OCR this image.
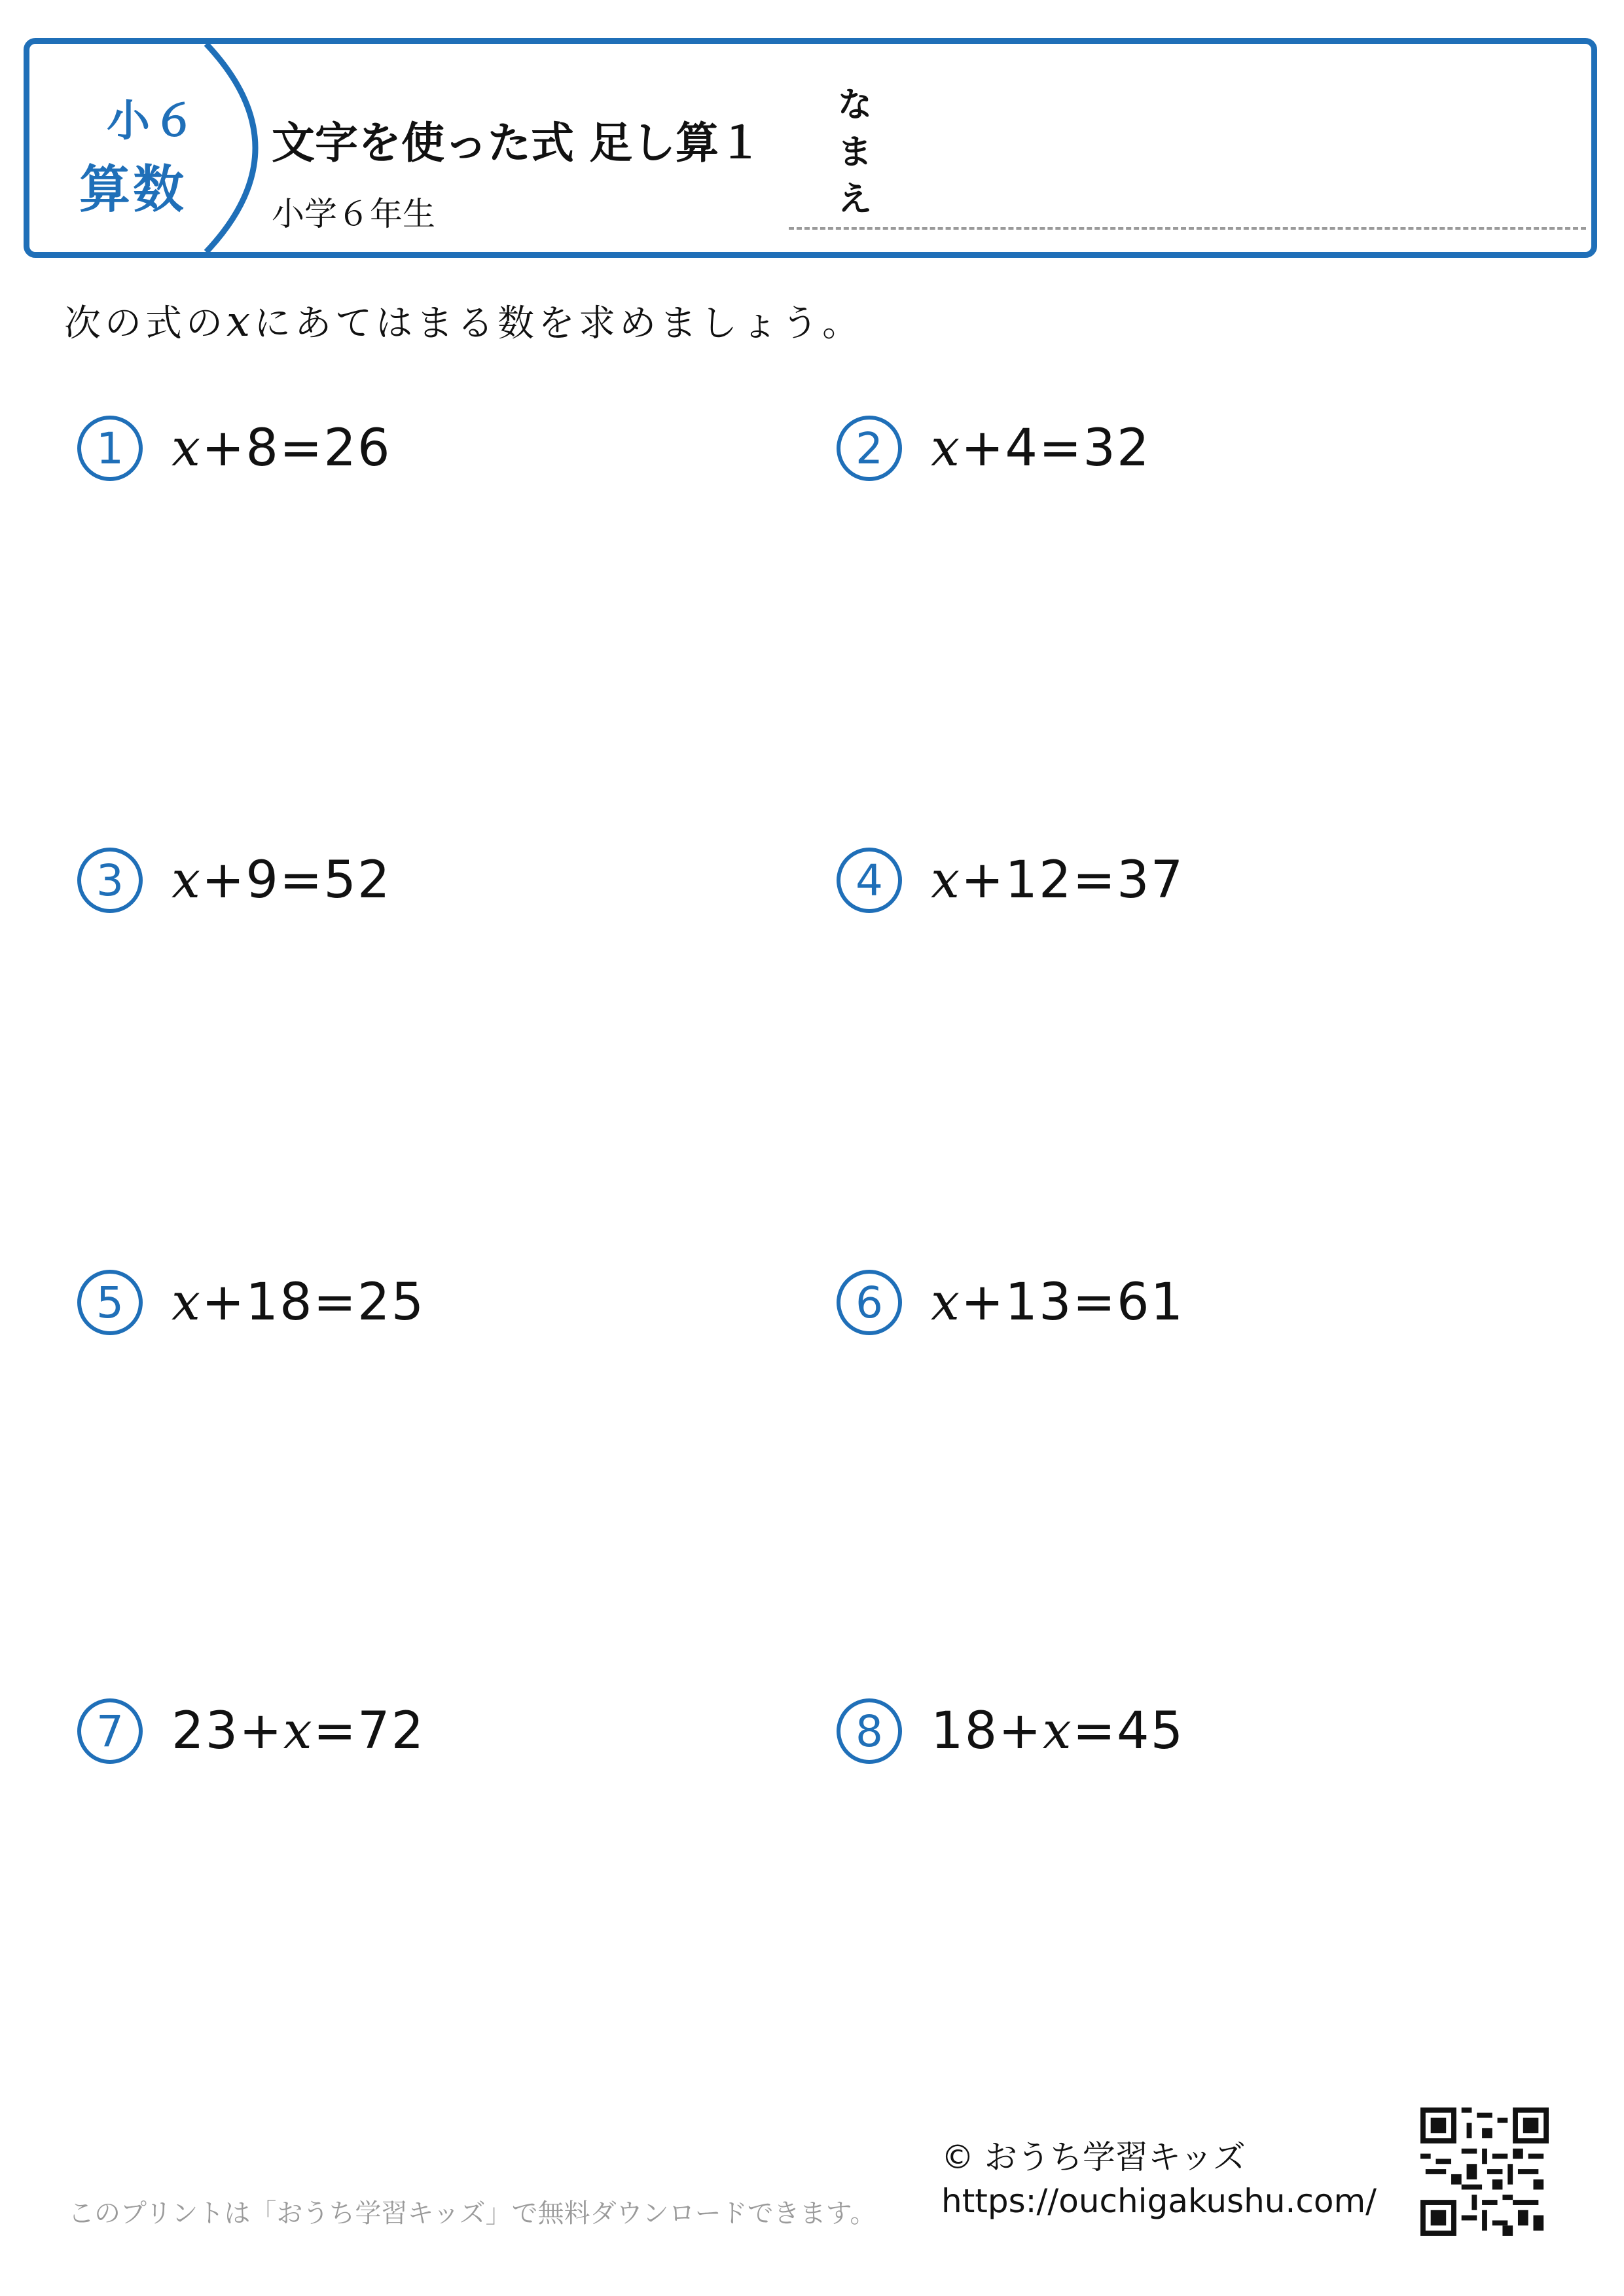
小６
算数
文字を使った式 足し算１
小学６年生
な
ま
え
次の式のxにあてはまる数を求めましょう。
1 x+8=26	2 x+4=32
3 x+9=52	4 x+12=37
5 x+18=25	6 x+13=61
7 23+x=72	8 18+x=45
このプリントは「おうち学習キッズ」で無料ダウンロードできます。
© おうち学習キッズ
https://ouchigakushu.com/
